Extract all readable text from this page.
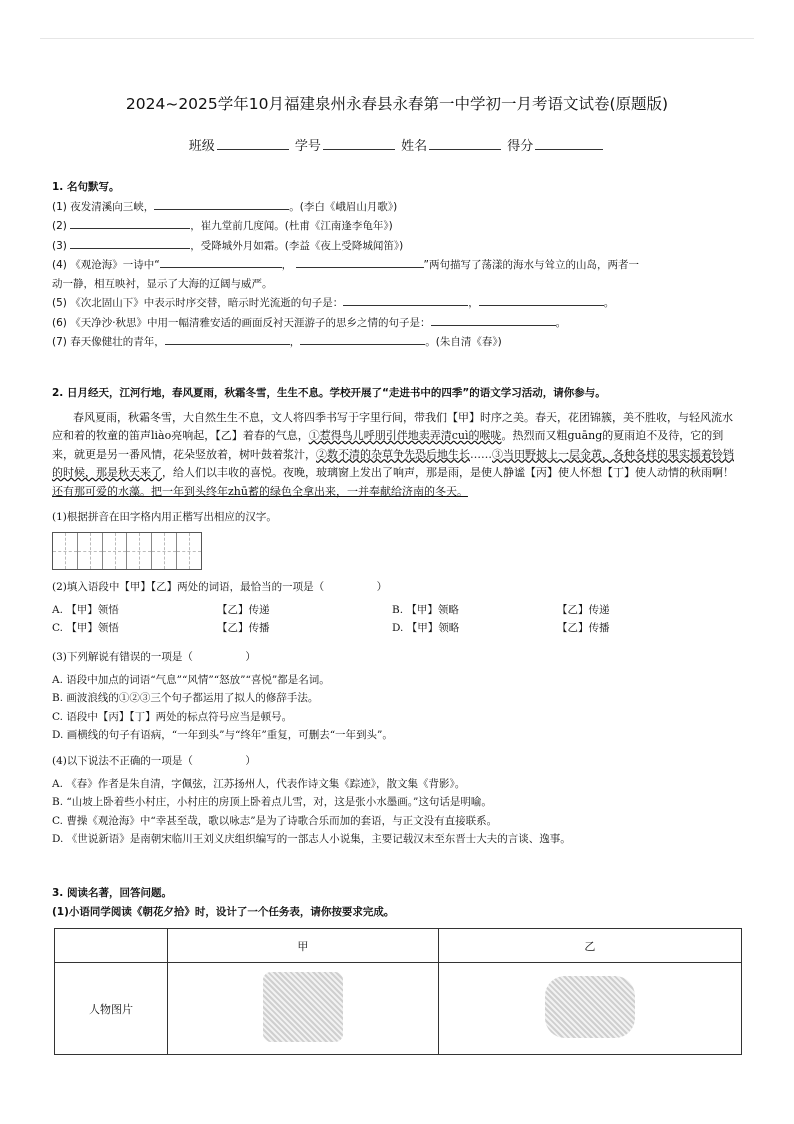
2024~2025学年10月福建泉州永春县永春第一中学初一月考语文试卷(原题版)
班级	学号	姓名	得分
1. 名句默写。
(1) 夜发清溪向三峡，	。(李白《峨眉山月歌》)
(2)	，崔九堂前几度闻。(杜甫《江南逢李龟年》)
(3)	，受降城外月如霜。(李益《夜上受降城闻笛》)
(4) 《观沧海》一诗中“	，	”两句描写了荡漾的海水与耸立的山岛，两者一
动一静，相互映衬，显示了大海的辽阔与威严。
(5) 《次北固山下》中表示时序交替，暗示时光流逝的句子是：	，	。
(6) 《天净沙·秋思》中用一幅清雅安适的画面反衬天涯游子的思乡之情的句子是：	。
(7) 春天像健壮的青年，	，	。(朱自清《春》)
2. 日月经天，江河行地，春风夏雨，秋霜冬雪，生生不息。学校开展了“走进书中的四季”的语文学习活动，请你参与。
春风夏雨，秋霜冬雪，大自然生生不息，文人将四季书写于字里行间，带我们【甲】时序之美。春天，花团锦簇，美不胜收，与轻风流水应和着的牧童的笛声liào亮响起，【乙】着春的气息，①惹得鸟儿呼朋引伴地卖弄清cuì的喉咙。热烈而又粗guāng的夏雨迫不及待，它的到来，就更是另一番风情，花朵竖放着，树叶鼓着浆汁，②数不清的杂草争先恐后地生长……③当田野披上一层金黄，各种各样的果实摇着铃铛的时候，那是秋天来了，给人们以丰收的喜悦。夜晚，玻璃窗上发出了响声，那是雨，是使人静谧【丙】使人怀想【丁】使人动情的秋雨啊！还有那可爱的水藻。把一年到头终年zhū蓄的绿色全拿出来，一并奉献给济南的冬天。
(1)根据拼音在田字格内用正楷写出相应的汉字。
(2)填入语段中【甲】【乙】两处的词语，最恰当的一项是（　　　　　）
A. 【甲】领悟	【乙】传递	B. 【甲】领略	【乙】传递
C. 【甲】领悟	【乙】传播	D. 【甲】领略	【乙】传播
(3)下列解说有错误的一项是（　　　　　）
A. 语段中加点的词语“气息”“风情”“怒放”“喜悦”都是名词。
B. 画波浪线的①②③三个句子都运用了拟人的修辞手法。
C. 语段中【丙】【丁】两处的标点符号应当是顿号。
D. 画横线的句子有语病，“一年到头”与“终年”重复，可删去“一年到头”。
(4)以下说法不正确的一项是（　　　　　）
A. 《春》作者是朱自清，字佩弦，江苏扬州人，代表作诗文集《踪迹》，散文集《背影》。
B. “山坡上卧着些小村庄，小村庄的房顶上卧着点儿雪，对，这是张小水墨画。”这句话是明喻。
C. 曹操《观沧海》中“幸甚至哉，歌以咏志”是为了诗歌合乐而加的套语，与正文没有直接联系。
D. 《世说新语》是南朝宋临川王刘义庆组织编写的一部志人小说集，主要记载汉末至东晋士大夫的言谈、逸事。
3. 阅读名著，回答问题。
(1)小语同学阅读《朝花夕拾》时，设计了一个任务表，请你按要求完成。
	甲	乙
人物图片		
